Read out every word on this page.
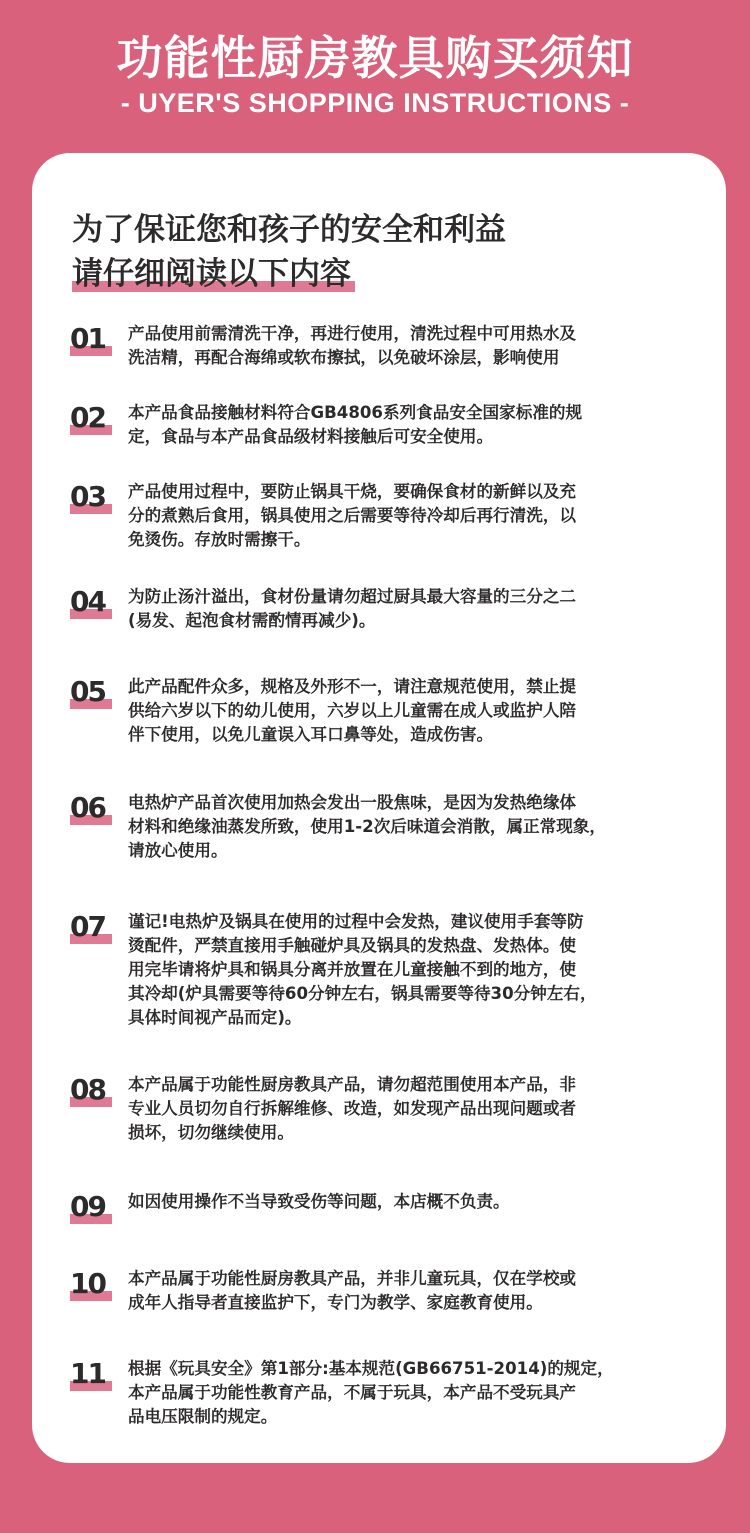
功能性厨房教具购买须知
- UYER'S SHOPPING INSTRUCTIONS -
为了保证您和孩子的安全和利益
请仔细阅读以下内容
01 产品使用前需清洗干净，再进行使用，清洗过程中可用热水及
洗洁精，再配合海绵或软布擦拭，以免破坏涂层，影响使用
02 本产品食品接触材料符合GB4806系列食品安全国家标准的规
定，食品与本产品食品级材料接触后可安全使用。
03 产品使用过程中，要防止锅具干烧，要确保食材的新鲜以及充
分的煮熟后食用，锅具使用之后需要等待冷却后再行清洗，以
免烫伤。存放时需擦干。
04 为防止汤汁溢出，食材份量请勿超过厨具最大容量的三分之二
(易发、起泡食材需酌情再减少)。
05 此产品配件众多，规格及外形不一，请注意规范使用，禁止提
供给六岁以下的幼儿使用，六岁以上儿童需在成人或监护人陪
伴下使用，以免儿童误入耳口鼻等处，造成伤害。
06 电热炉产品首次使用加热会发出一股焦味，是因为发热绝缘体
材料和绝缘油蒸发所致，使用1-2次后味道会消散，属正常现象，
请放心使用。
07 谨记!电热炉及锅具在使用的过程中会发热，建议使用手套等防
烫配件，严禁直接用手触碰炉具及锅具的发热盘、发热体。使
用完毕请将炉具和锅具分离并放置在儿童接触不到的地方，使
其冷却(炉具需要等待60分钟左右，锅具需要等待30分钟左右，
具体时间视产品而定)。
08 本产品属于功能性厨房教具产品，请勿超范围使用本产品，非
专业人员切勿自行拆解维修、改造，如发现产品出现问题或者
损坏，切勿继续使用。
09 如因使用操作不当导致受伤等问题，本店概不负责。
10 本产品属于功能性厨房教具产品，并非儿童玩具，仅在学校或
成年人指导者直接监护下，专门为教学、家庭教育使用。
11 根据《玩具安全》第1部分:基本规范(GB66751-2014)的规定，
本产品属于功能性教育产品，不属于玩具，本产品不受玩具产
品电压限制的规定。
